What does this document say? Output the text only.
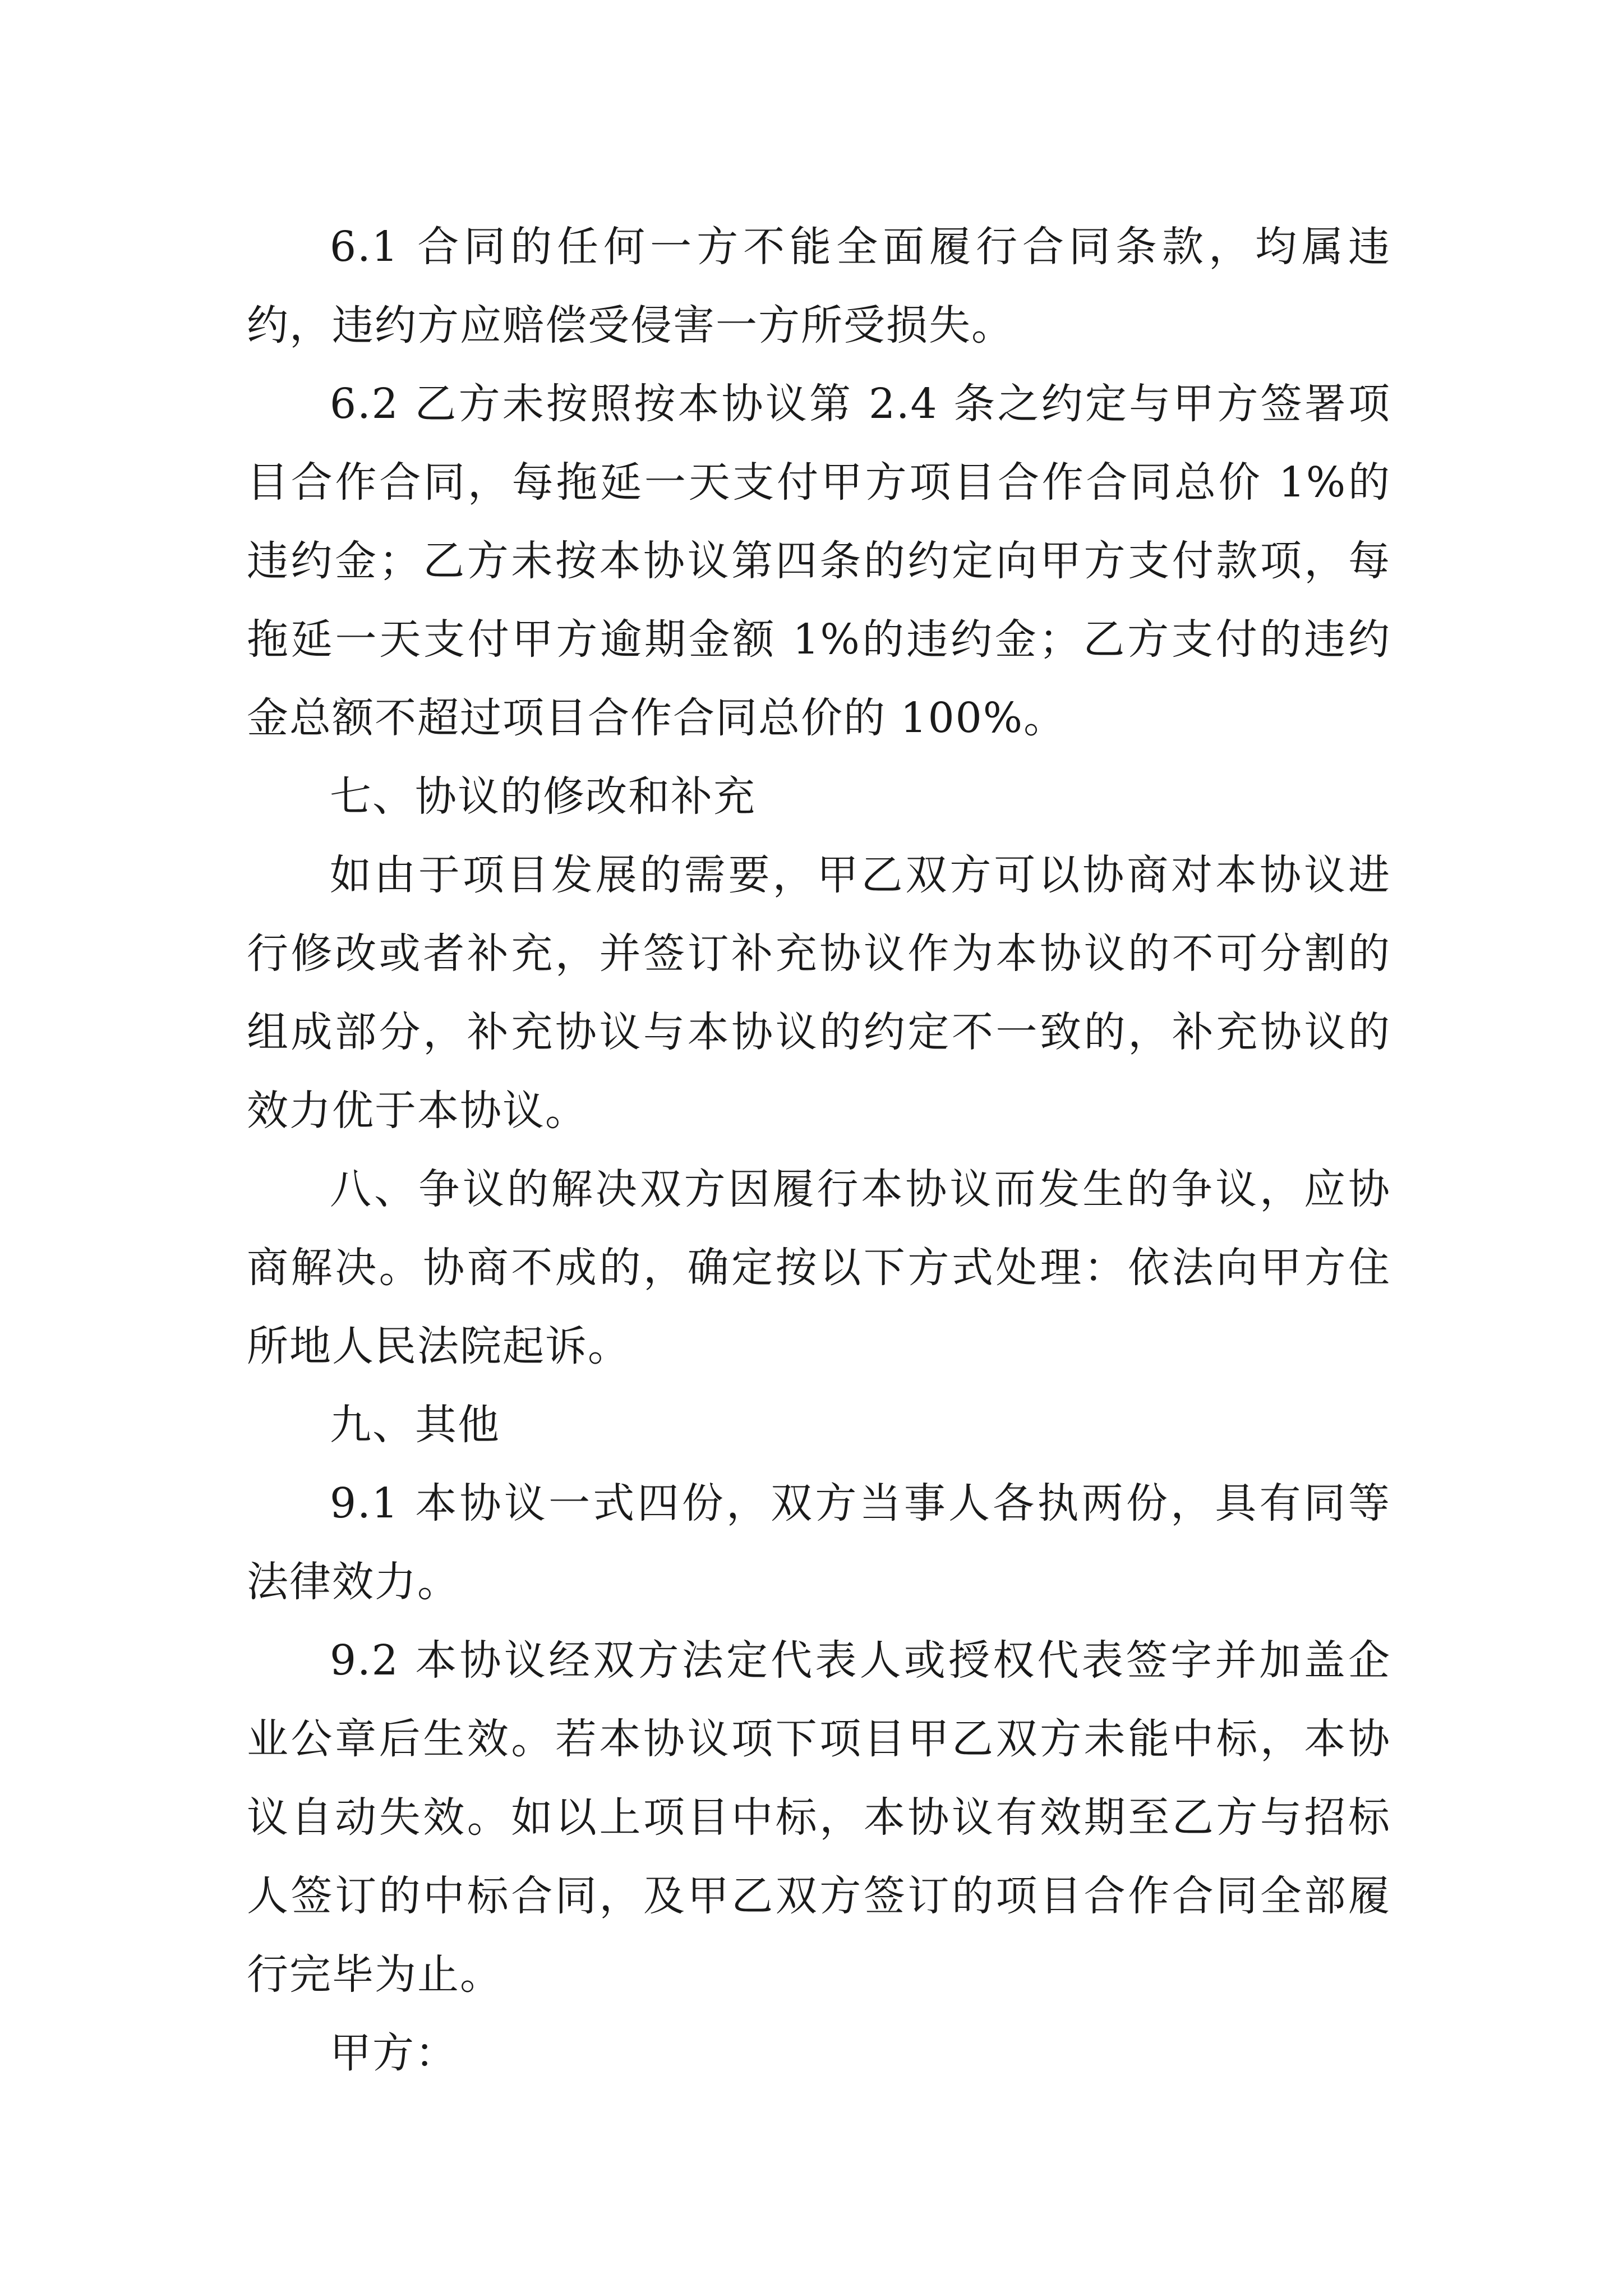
6.1 合同的任何一方不能全面履行合同条款，均属违约，违约方应赔偿受侵害一方所受损失。

6.2 乙方未按照按本协议第 2.4 条之约定与甲方签署项目合作合同，每拖延一天支付甲方项目合作合同总价 1%的违约金；乙方未按本协议第四条的约定向甲方支付款项，每拖延一天支付甲方逾期金额 1%的违约金；乙方支付的违约金总额不超过项目合作合同总价的 100%。

七、协议的修改和补充

如由于项目发展的需要，甲乙双方可以协商对本协议进行修改或者补充，并签订补充协议作为本协议的不可分割的组成部分，补充协议与本协议的约定不一致的，补充协议的效力优于本协议。

八、争议的解决双方因履行本协议而发生的争议，应协商解决。协商不成的，确定按以下方式处理：依法向甲方住所地人民法院起诉。

九、其他

9.1 本协议一式四份，双方当事人各执两份，具有同等法律效力。

9.2 本协议经双方法定代表人或授权代表签字并加盖企业公章后生效。若本协议项下项目甲乙双方未能中标，本协议自动失效。如以上项目中标，本协议有效期至乙方与招标人签订的中标合同，及甲乙双方签订的项目合作合同全部履行完毕为止。

甲方：
